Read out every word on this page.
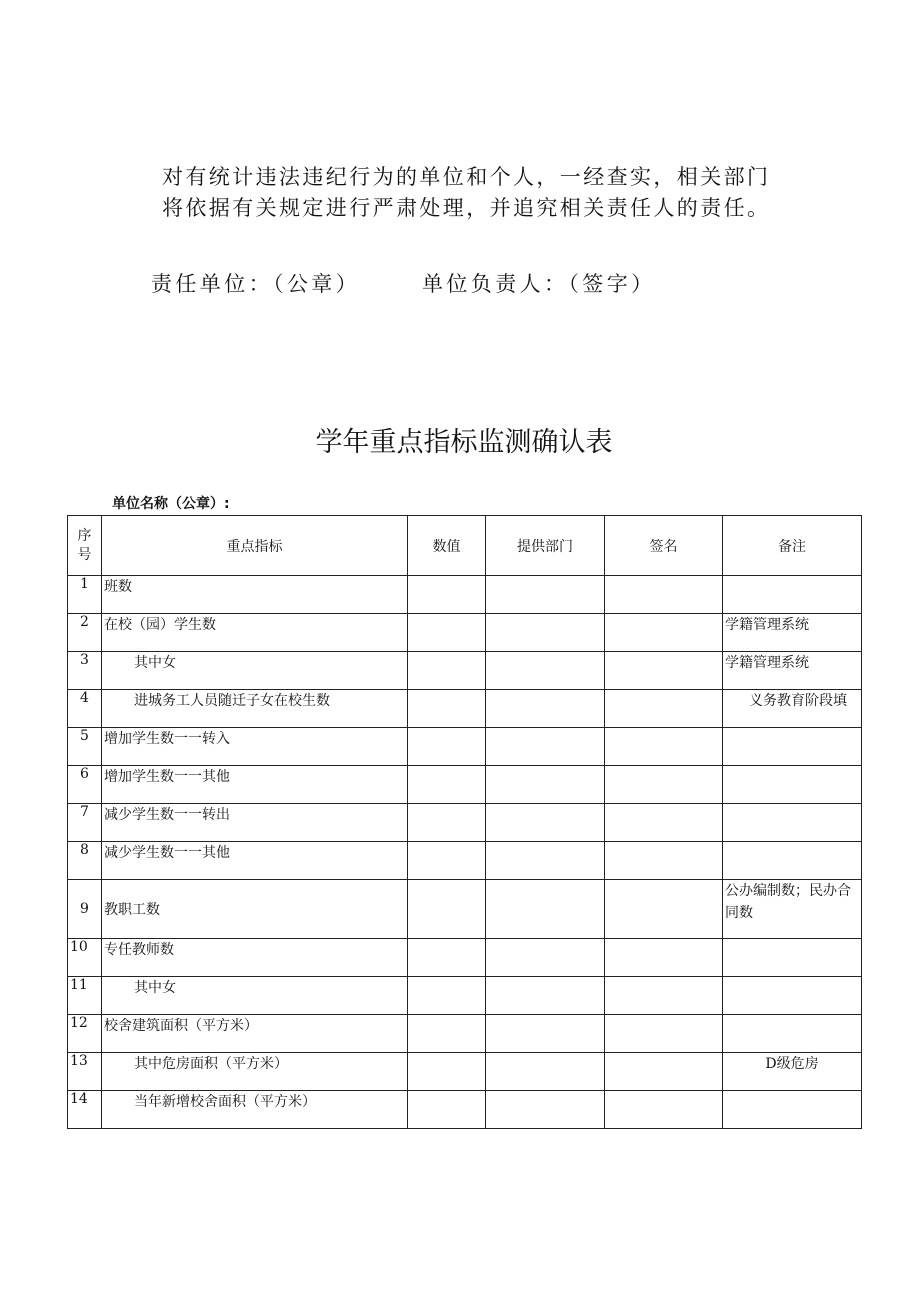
对有统计违法违纪行为的单位和个人，一经查实，相关部门

将依据有关规定进行严肃处理，并追究相关责任人的责任。

责任单位：（公章）	单位负责人：（签字）
学年重点指标监测确认表
单位名称（公章）:
序
号	重点指标	数值	提供部门	签名	备注
1	班数				
2	在校（园）学生数				学籍管理系统
3	其中女				学籍管理系统
4	进城务工人员随迁子女在校生数				义务教育阶段填
5	增加学生数一一转入				
6	增加学生数一一其他				
7	减少学生数一一转出				
8	减少学生数一一其他				
9	教职工数				公办编制数；民办合同数
10	专任教师数				
11	其中女				
12	校舍建筑面积（平方米）				
13	其中危房面积（平方米）				D级危房
14	当年新增校舍面积（平方米）				
